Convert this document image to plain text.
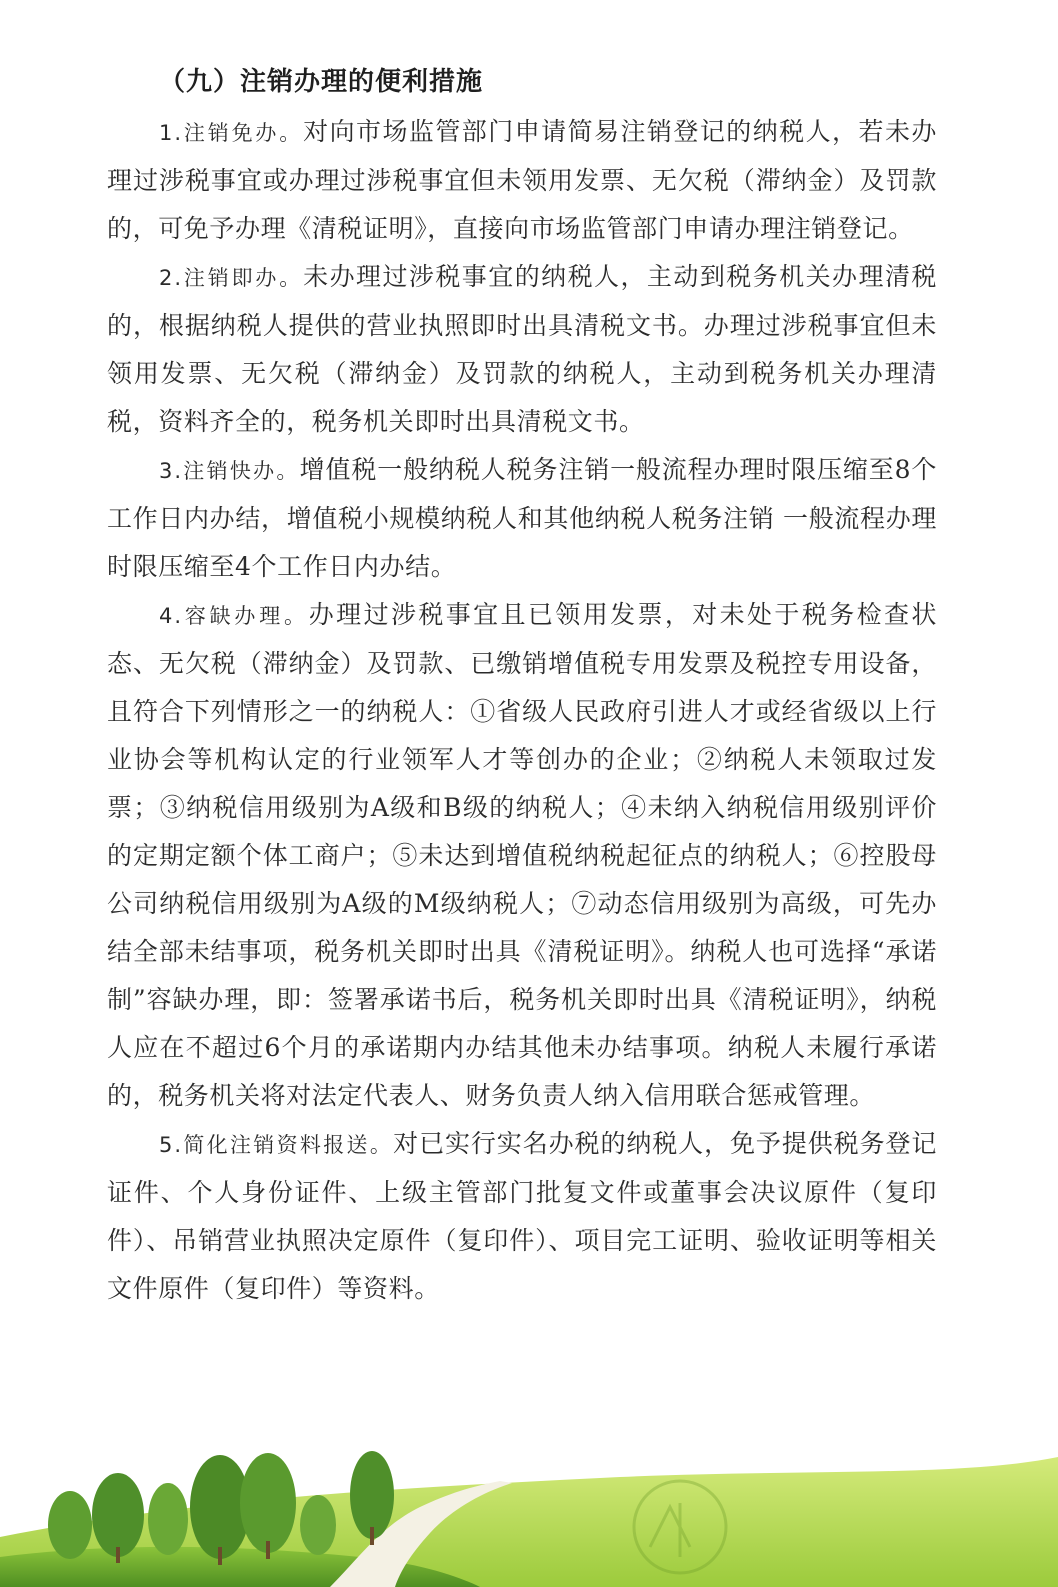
（九）注销办理的便利措施

1.注销免办。对向市场监管部门申请简易注销登记的纳税人，若未办理过涉税事宜或办理过涉税事宜但未领用发票、无欠税（滞纳金）及罚款的，可免予办理《清税证明》，直接向市场监管部门申请办理注销登记。

2.注销即办。未办理过涉税事宜的纳税人，主动到税务机关办理清税的，根据纳税人提供的营业执照即时出具清税文书。办理过涉税事宜但未领用发票、无欠税（滞纳金）及罚款的纳税人，主动到税务机关办理清税，资料齐全的，税务机关即时出具清税文书。

3.注销快办。增值税一般纳税人税务注销一般流程办理时限压缩至8个工作日内办结，增值税小规模纳税人和其他纳税人税务注销 一般流程办理时限压缩至4个工作日内办结。

4.容缺办理。办理过涉税事宜且已领用发票，对未处于税务检查状态、无欠税（滞纳金）及罚款、已缴销增值税专用发票及税控专用设备，且符合下列情形之一的纳税人：①省级人民政府引进人才或经省级以上行业协会等机构认定的行业领军人才等创办的企业；②纳税人未领取过发票；③纳税信用级别为A级和B级的纳税人；④未纳入纳税信用级别评价的定期定额个体工商户；⑤未达到增值税纳税起征点的纳税人；⑥控股母公司纳税信用级别为A级的M级纳税人；⑦动态信用级别为高级，可先办结全部未结事项，税务机关即时出具《清税证明》。纳税人也可选择“承诺制”容缺办理，即：签署承诺书后，税务机关即时出具《清税证明》，纳税人应在不超过6个月的承诺期内办结其他未办结事项。纳税人未履行承诺的，税务机关将对法定代表人、财务负责人纳入信用联合惩戒管理。

5.简化注销资料报送。对已实行实名办税的纳税人，免予提供税务登记证件、个人身份证件、上级主管部门批复文件或董事会决议原件（复印件）、吊销营业执照决定原件（复印件）、项目完工证明、验收证明等相关文件原件（复印件）等资料。
